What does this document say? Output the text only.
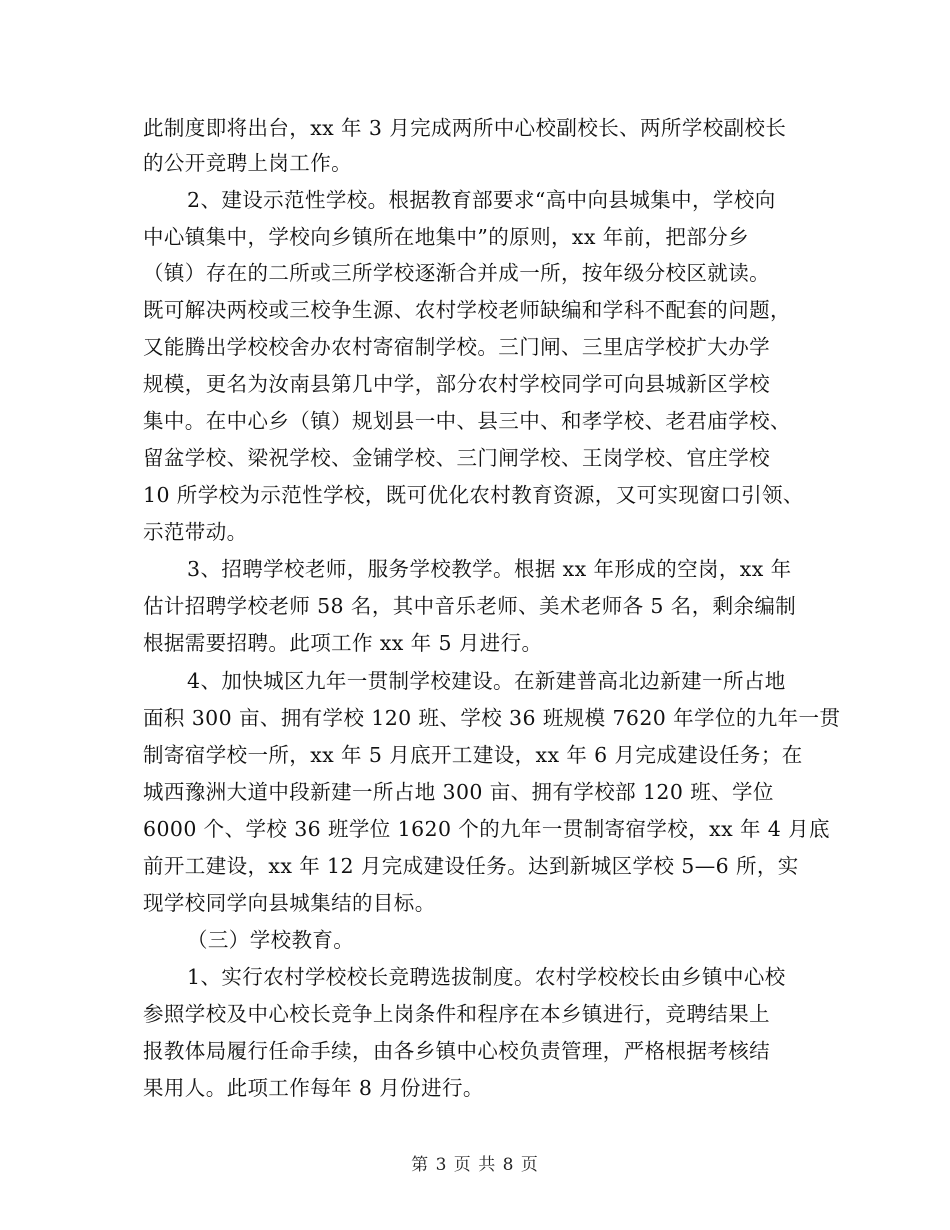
此制度即将出台，xx 年 3 月完成两所中心校副校长、两所学校副校长
的公开竞聘上岗工作。
2、建设示范性学校。根据教育部要求“高中向县城集中，学校向
中心镇集中，学校向乡镇所在地集中”的原则，xx 年前，把部分乡
（镇）存在的二所或三所学校逐渐合并成一所，按年级分校区就读。
既可解决两校或三校争生源、农村学校老师缺编和学科不配套的问题，
又能腾出学校校舍办农村寄宿制学校。三门闸、三里店学校扩大办学
规模，更名为汝南县第几中学，部分农村学校同学可向县城新区学校
集中。在中心乡（镇）规划县一中、县三中、和孝学校、老君庙学校、
留盆学校、梁祝学校、金铺学校、三门闸学校、王岗学校、官庄学校
10 所学校为示范性学校，既可优化农村教育资源，又可实现窗口引领、
示范带动。
3、招聘学校老师，服务学校教学。根据 xx 年形成的空岗，xx 年
估计招聘学校老师 58 名，其中音乐老师、美术老师各 5 名，剩余编制
根据需要招聘。此项工作 xx 年 5 月进行。
4、加快城区九年一贯制学校建设。在新建普高北边新建一所占地
面积 300 亩、拥有学校 120 班、学校 36 班规模 7620 年学位的九年一贯
制寄宿学校一所，xx 年 5 月底开工建设，xx 年 6 月完成建设任务；在
城西豫洲大道中段新建一所占地 300 亩、拥有学校部 120 班、学位
6000 个、学校 36 班学位 1620 个的九年一贯制寄宿学校，xx 年 4 月底
前开工建设，xx 年 12 月完成建设任务。达到新城区学校 5—6 所，实
现学校同学向县城集结的目标。
（三）学校教育。
1、实行农村学校校长竞聘选拔制度。农村学校校长由乡镇中心校
参照学校及中心校长竞争上岗条件和程序在本乡镇进行，竞聘结果上
报教体局履行任命手续，由各乡镇中心校负责管理，严格根据考核结
果用人。此项工作每年 8 月份进行。
第 3 页 共 8 页
